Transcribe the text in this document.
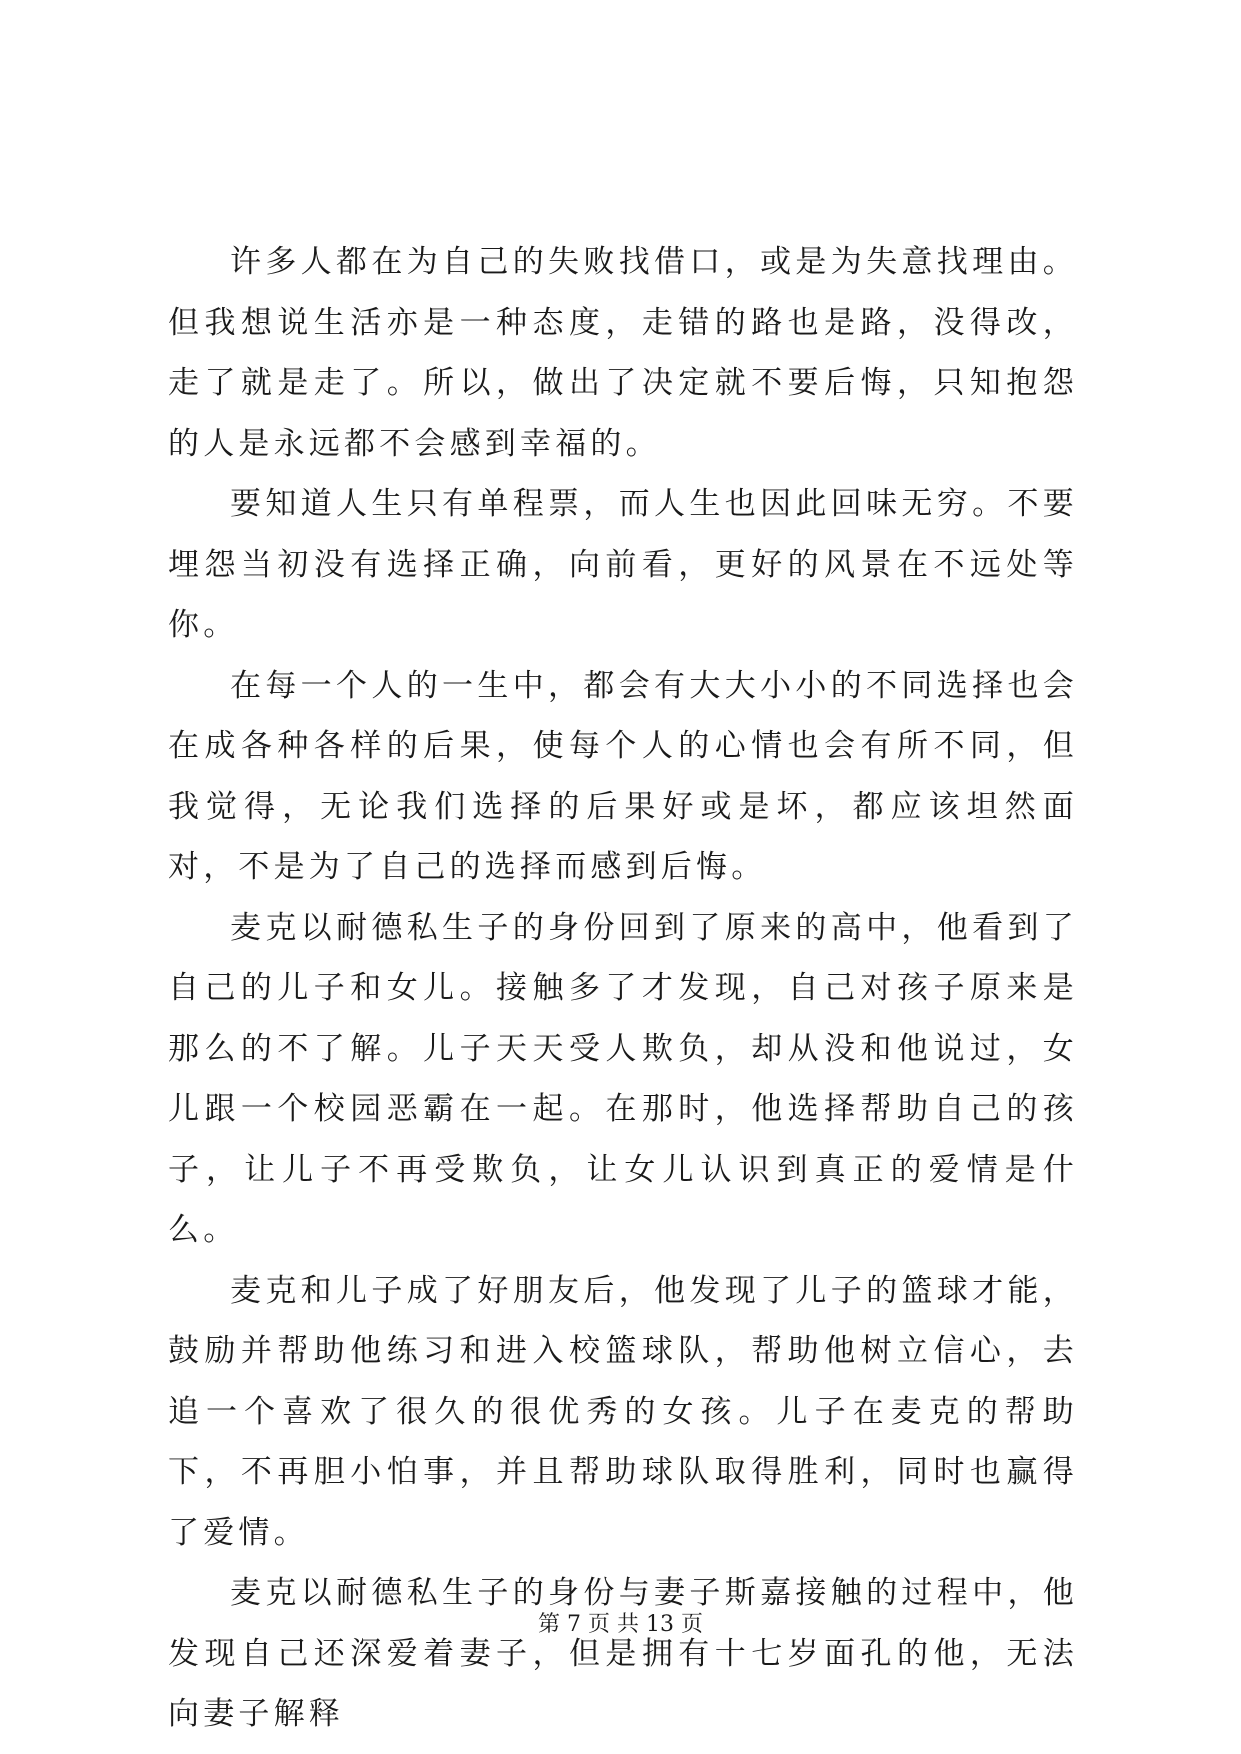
许多人都在为自己的失败找借口，或是为失意找理由。但我想说生活亦是一种态度，走错的路也是路，没得改，走了就是走了。所以，做出了决定就不要后悔，只知抱怨的人是永远都不会感到幸福的。

要知道人生只有单程票，而人生也因此回味无穷。不要埋怨当初没有选择正确，向前看，更好的风景在不远处等你。

在每一个人的一生中，都会有大大小小的不同选择也会在成各种各样的后果，使每个人的心情也会有所不同，但我觉得，无论我们选择的后果好或是坏，都应该坦然面对，不是为了自己的选择而感到后悔。

麦克以耐德私生子的身份回到了原来的高中，他看到了自己的儿子和女儿。接触多了才发现，自己对孩子原来是那么的不了解。儿子天天受人欺负，却从没和他说过，女儿跟一个校园恶霸在一起。在那时，他选择帮助自己的孩子，让儿子不再受欺负，让女儿认识到真正的爱情是什么。

麦克和儿子成了好朋友后，他发现了儿子的篮球才能，鼓励并帮助他练习和进入校篮球队，帮助他树立信心，去追一个喜欢了很久的很优秀的女孩。儿子在麦克的帮助下，不再胆小怕事，并且帮助球队取得胜利，同时也赢得了爱情。

麦克以耐德私生子的身份与妻子斯嘉接触的过程中，他发现自己还深爱着妻子，但是拥有十七岁面孔的他，无法向妻子解释

第 7 页 共 13 页
